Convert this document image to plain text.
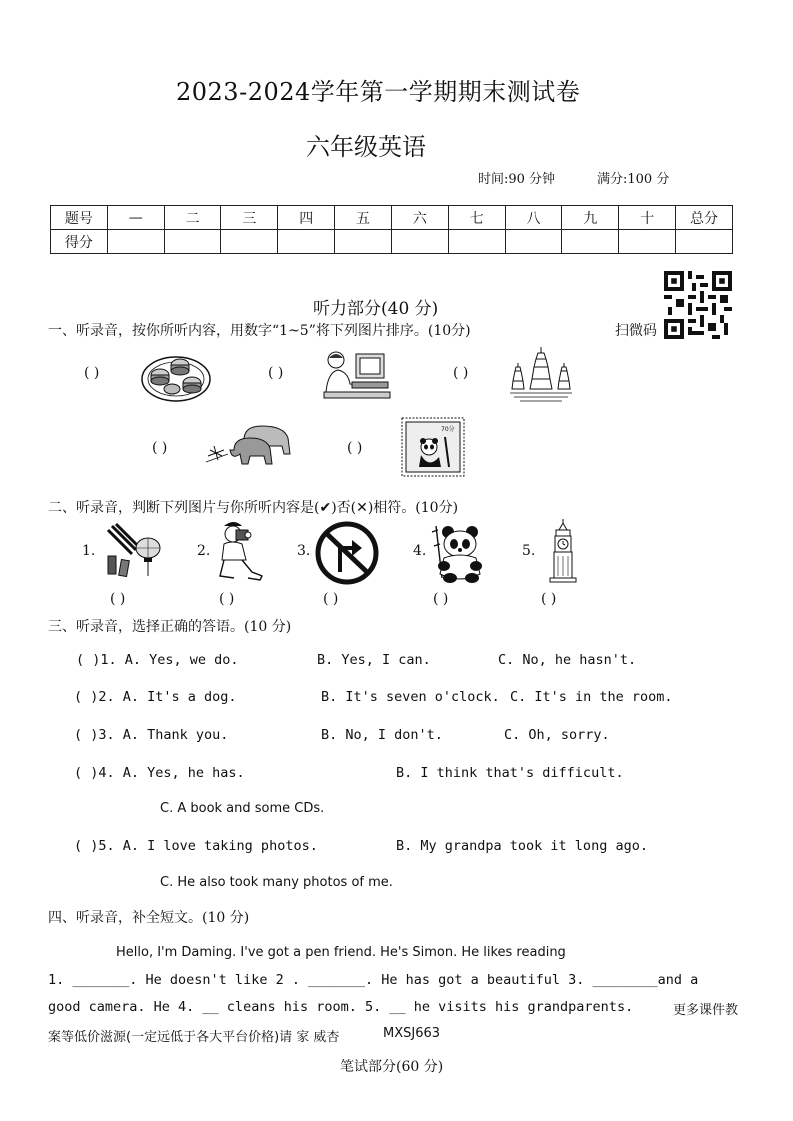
2023-2024学年第一学期期末测试卷
六年级英语
时间:90 分钟	满分:100 分
题号	—	二	三	四	五	六	七	八	九	十	总分
得分											
听力部分(40 分)
扫微码
一、听录音，按你所听内容，用数字“1~5”将下列图片排序。(10分)
( )	( )	( )
( )	( )
70分
二、听录音，判断下列图片与你所听内容是(✔)否(✕)相符。(10分)
1.	2.	3.	4.	5.
( )	( )	( )	( )	( )
三、听录音，选择正确的答语。(10 分)
( )1. A. Yes, we do.	B. Yes, I can.	C. No, he hasn't.
( )2. A. It's a dog.	B. It's seven o'clock. C. It's in the room.
( )3. A. Thank you.	B. No, I don't.	C. Oh, sorry.
( )4. A. Yes, he has.	B. I think that's difficult.
C. A book and some CDs.
( )5. A. I love taking photos.	B. My grandpa took it long ago.
C. He also took many photos of me.
四、听录音，补全短文。(10 分)
Hello, I'm Daming. I've got a pen friend. He's Simon. He likes reading
1. _______. He doesn't like 2 . _______. He has got a beautiful 3. ________and a
good camera. He 4. __ cleans his room. 5. __ he visits his grandparents.	更多课件教
案等低价滋源(一定远低于各大平台价格)请 家 威杏	MXSJ663
笔试部分(60 分)
